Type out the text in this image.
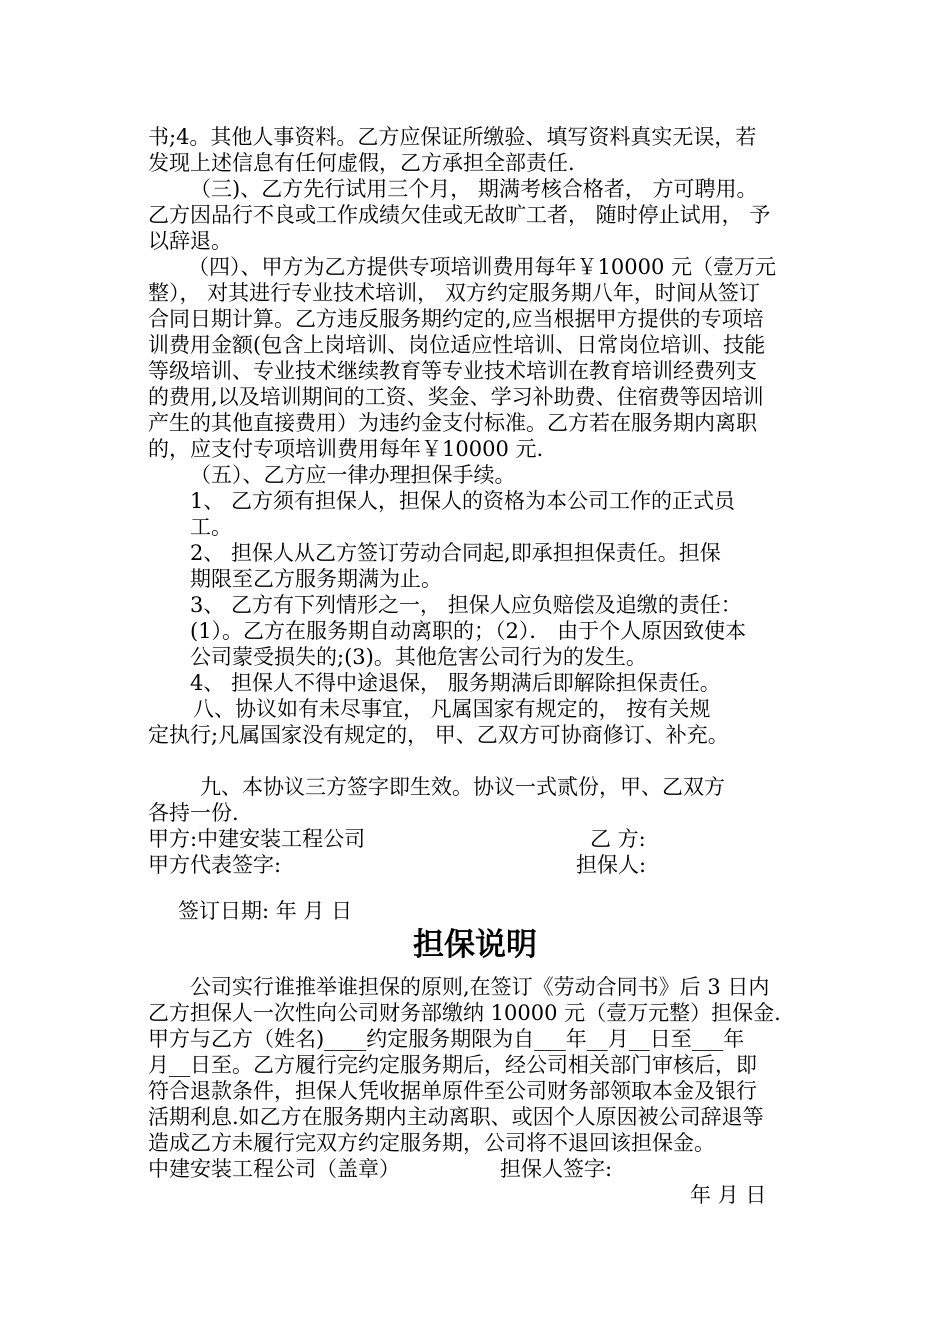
书;4。其他人事资料。乙方应保证所缴验、填写资料真实无误，若
发现上述信息有任何虚假，乙方承担全部责任.
（三)、乙方先行试用三个月， 期满考核合格者， 方可聘用。
乙方因品行不良或工作成绩欠佳或无故旷工者， 随时停止试用， 予
以辞退。
（四）、甲方为乙方提供专项培训费用每年￥10000 元（壹万元
整）， 对其进行专业技术培训， 双方约定服务期八年，时间从签订
合同日期计算。乙方违反服务期约定的,应当根据甲方提供的专项培
训费用金额(包含上岗培训、岗位适应性培训、日常岗位培训、技能
等级培训、专业技术继续教育等专业技术培训在教育培训经费列支
的费用,以及培训期间的工资、奖金、学习补助费、住宿费等因培训
产生的其他直接费用）为违约金支付标准。乙方若在服务期内离职
的，应支付专项培训费用每年￥10000 元.
（五）、乙方应一律办理担保手续。
1、 乙方须有担保人，担保人的资格为本公司工作的正式员
工。
2、 担保人从乙方签订劳动合同起,即承担担保责任。担保
期限至乙方服务期满为止。
3、 乙方有下列情形之一， 担保人应负赔偿及追缴的责任：
(1）。乙方在服务期自动离职的；（2）． 由于个人原因致使本
公司蒙受损失的;(3)。其他危害公司行为的发生。
4、 担保人不得中途退保， 服务期满后即解除担保责任。
八、协议如有未尽事宜， 凡属国家有规定的， 按有关规
定执行;凡属国家没有规定的， 甲、乙双方可协商修订、补充。
九、本协议三方签字即生效。协议一式贰份，甲、乙双方
各持一份.
甲方:中建安装工程公司	乙 方:
甲方代表签字:	担保人:
签订日期: 年 月 日
担保说明
公司实行谁推举谁担保的原则,在签订《劳动合同书》后 3 日内
乙方担保人一次性向公司财务部缴纳 10000 元（壹万元整）担保金.
甲方与乙方（姓名)____约定服务期限为自___年__月__日至___年
月__日至。乙方履行完约定服务期后，经公司相关部门审核后，即
符合退款条件，担保人凭收据单原件至公司财务部领取本金及银行
活期利息.如乙方在服务期内主动离职、或因个人原因被公司辞退等
造成乙方未履行完双方约定服务期，公司将不退回该担保金。
中建安装工程公司（盖章）	担保人签字:
年 月 日
